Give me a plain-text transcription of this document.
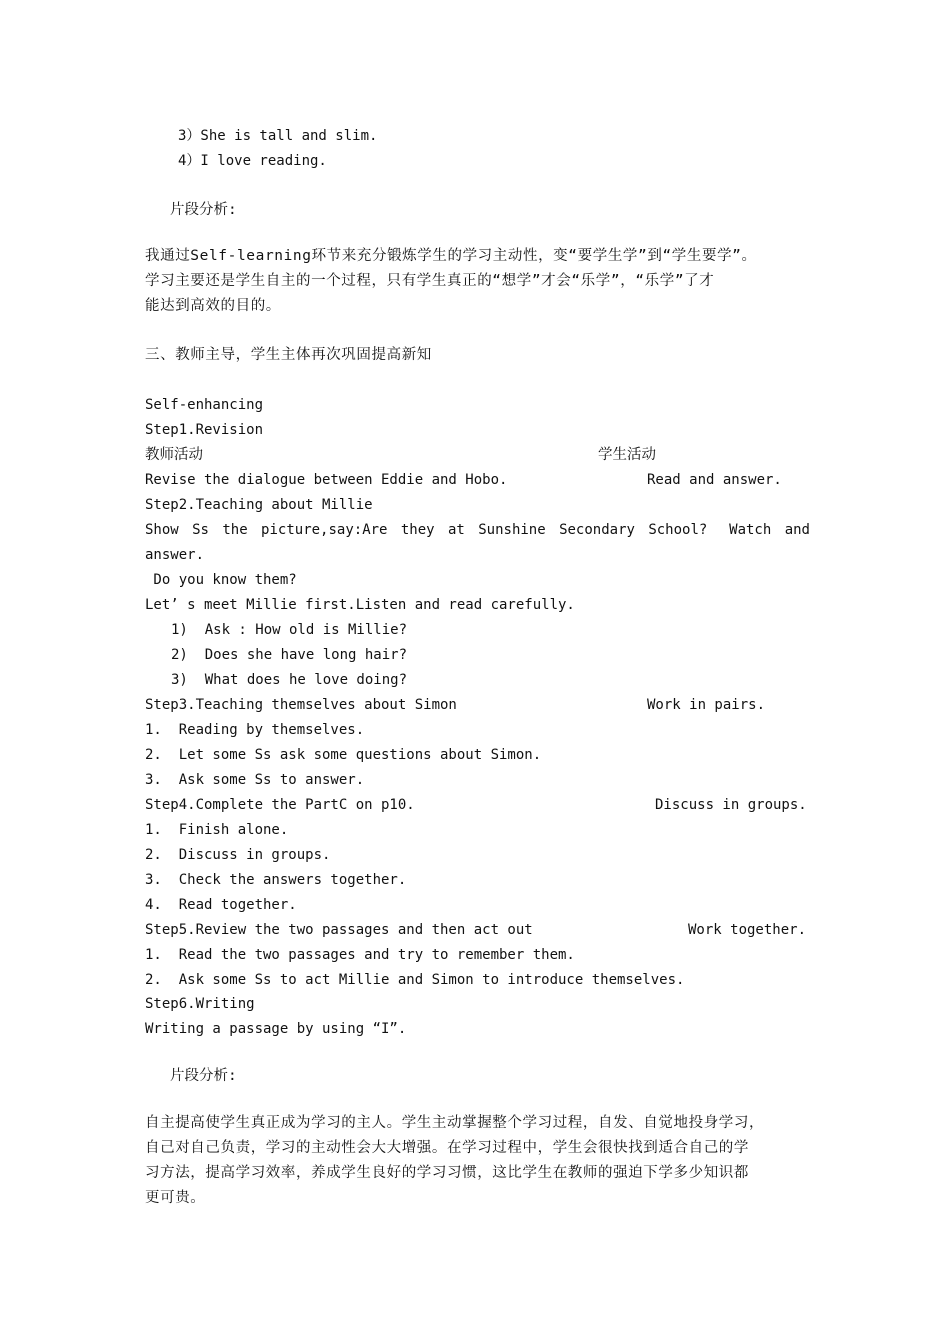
3）She is tall and slim.
4）I love reading.
片段分析:
我通过Self-learning环节来充分锻炼学生的学习主动性，变“要学生学”到“学生要学”。
学习主要还是学生自主的一个过程，只有学生真正的“想学”才会“乐学”，“乐学”了才
能达到高效的目的。
三、教师主导，学生主体再次巩固提高新知
Self-enhancing
Step1.Revision
教师活动	学生活动
Revise the dialogue between Eddie and Hobo.	Read and answer.
Step2.Teaching about Millie
Show Ss the picture,say:Are they at Sunshine Secondary School? Watch and
answer.
Do you know them?
Let’ s meet Millie first.Listen and read carefully.
1)  Ask : How old is Millie?
2)  Does she have long hair?
3)  What does he love doing?
Step3.Teaching themselves about Simon	Work in pairs.
1.  Reading by themselves.
2.  Let some Ss ask some questions about Simon.
3.  Ask some Ss to answer.
Step4.Complete the PartC on p10.	Discuss in groups.
1.  Finish alone.
2.  Discuss in groups.
3.  Check the answers together.
4.  Read together.
Step5.Review the two passages and then act out	Work together.
1.  Read the two passages and try to remember them.
2.  Ask some Ss to act Millie and Simon to introduce themselves.
Step6.Writing
Writing a passage by using “I”.
片段分析:
自主提高使学生真正成为学习的主人。学生主动掌握整个学习过程，自发、自觉地投身学习，
自己对自己负责，学习的主动性会大大增强。在学习过程中，学生会很快找到适合自己的学
习方法，提高学习效率，养成学生良好的学习习惯，这比学生在教师的强迫下学多少知识都
更可贵。
